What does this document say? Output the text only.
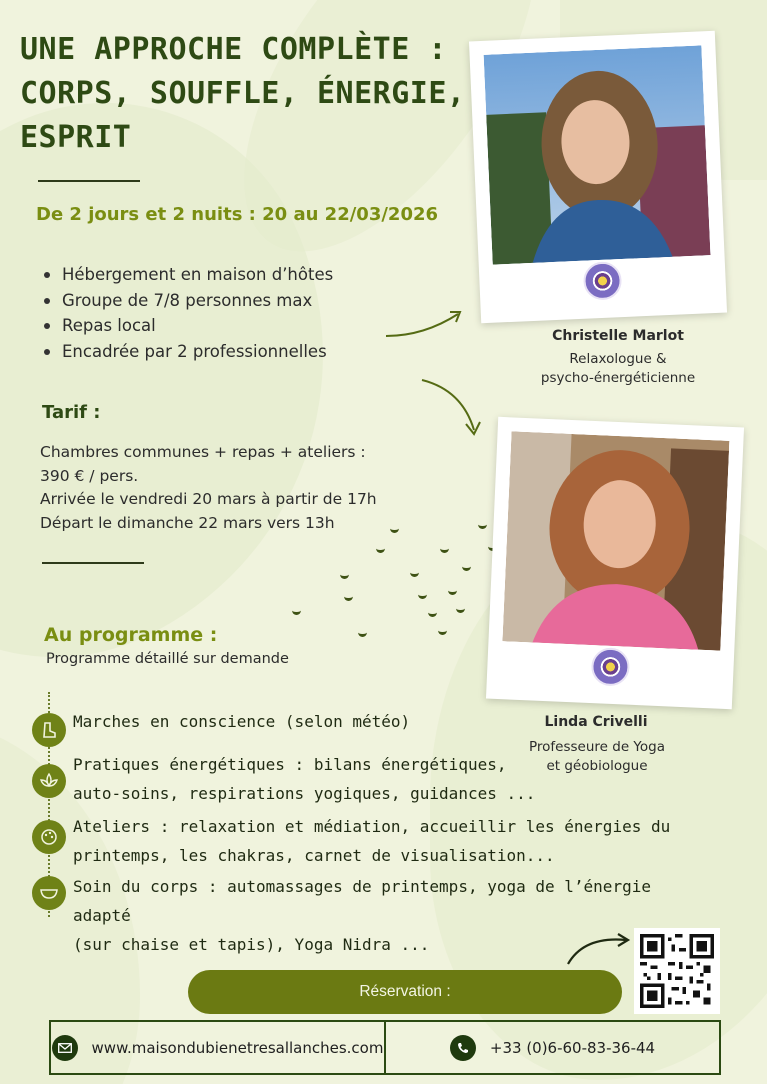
UNE APPROCHE COMPLÈTE :
CORPS, SOUFFLE, ÉNERGIE,
ESPRIT
De 2 jours et 2 nuits : 20 au 22/03/2026
Hébergement en maison d’hôtes
Groupe de 7/8 personnes max
Repas local
Encadrée par 2 professionnelles
Tarif :
Chambres communes + repas + ateliers :
390 € / pers.
Arrivée le vendredi 20 mars à partir de 17h
Départ le dimanche 22 mars vers 13h
Christelle Marlot
Relaxologue &
psycho-énergéticienne
Linda Crivelli
Professeure de Yoga
et géobiologue
Au programme :
Programme détaillé sur demande
Marches en conscience (selon météo)
Pratiques énergétiques : bilans énergétiques,
auto-soins, respirations yogiques, guidances ...
Ateliers : relaxation et médiation, accueillir les énergies du
printemps, les chakras, carnet de visualisation...
Soin du corps : automassages de printemps, yoga de l’énergie adapté
(sur chaise et tapis), Yoga Nidra ...
Réservation :
www.maisondubienetresallanches.com	+33 (0)6-60-83-36-44
